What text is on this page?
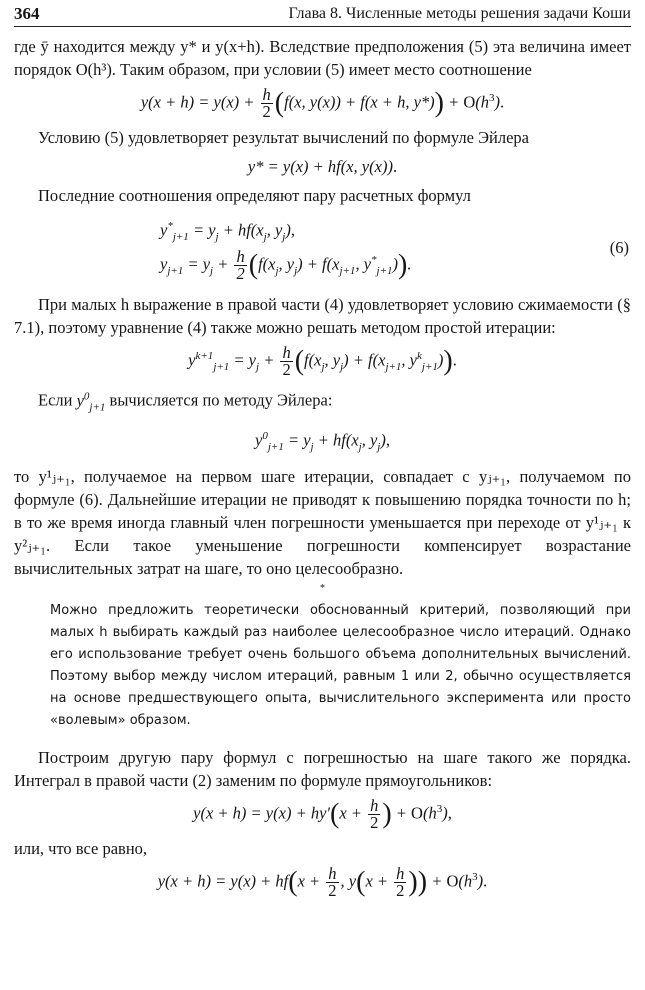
364	Глава 8. Численные методы решения задачи Коши

где ȳ находится между y* и y(x+h). Вследствие предположения (5) эта величина имеет порядок O(h³). Таким образом, при условии (5) имеет место соотношение

$y(x + h) = y(x) + \frac{h}{2} (f(x$, y(x)) + f(x + h, $y*)) + O(h^3)$.

Условию (5) удовлетворяет результат вычислений по формуле Эйлера

y* = y(x) + hf(x, y(x)).

Последние соотношения определяют пару расчетных формул

$y^*_{j+1} = y_j + hf(x_j$, $y_j$),
$y_{j+1} = y_j + \frac{h}{2} (f(x_j$, $y_j) + f(x_{j+1}$, $y^*_{j+1}$)).
(6)

При малых h выражение в правой части (4) удовлетворяет условию сжимаемости (§ 7.1), поэтому уравнение (4) также можно решать методом простой итерации:

$y^{k+1}_{j+1} = y_j + \frac{h}{2} (f(x_j$, $y_j) + f(x_{j+1}$, $y^k_{j+1}$)).

Если $y^0_{j+1}$ вычисляется по методу Эйлера:

$y^0_{j+1} = y_j + hf(x_j$, $y_j$),

то y¹ⱼ₊₁, получаемое на первом шаге итерации, совпадает с yⱼ₊₁, получаемом по формуле (6). Дальнейшие итерации не приводят к повышению порядка точности по h; в то же время иногда главный член погрешности уменьшается при переходе от y¹ⱼ₊₁ к y²ⱼ₊₁. Если такое уменьшение погрешности компенсирует возрастание вычислительных затрат на шаге, то оно целесообразно.

*

Можно предложить теоретически обоснованный критерий, позволяющий при малых h выбирать каждый раз наиболее целесообразное число итераций. Однако его использование требует очень большого объема дополнительных вычислений. Поэтому выбор между числом итераций, равным 1 или 2, обычно осуществляется на основе предшествующего опыта, вычислительного эксперимента или просто «волевым» образом.

Построим другую пару формул с погрешностью на шаге такого же порядка. Интеграл в правой части (2) заменим по формуле прямоугольников:

$y(x + h) = y(x) + hy'(x + \frac{h}{2}$ ) + $O(h^3)$,

или, что все равно,

$y(x + h) = y(x) + hf(x + \frac{h}{2}$ , $y(x + \frac{h}{2}$ )) + $O(h^3)$.
